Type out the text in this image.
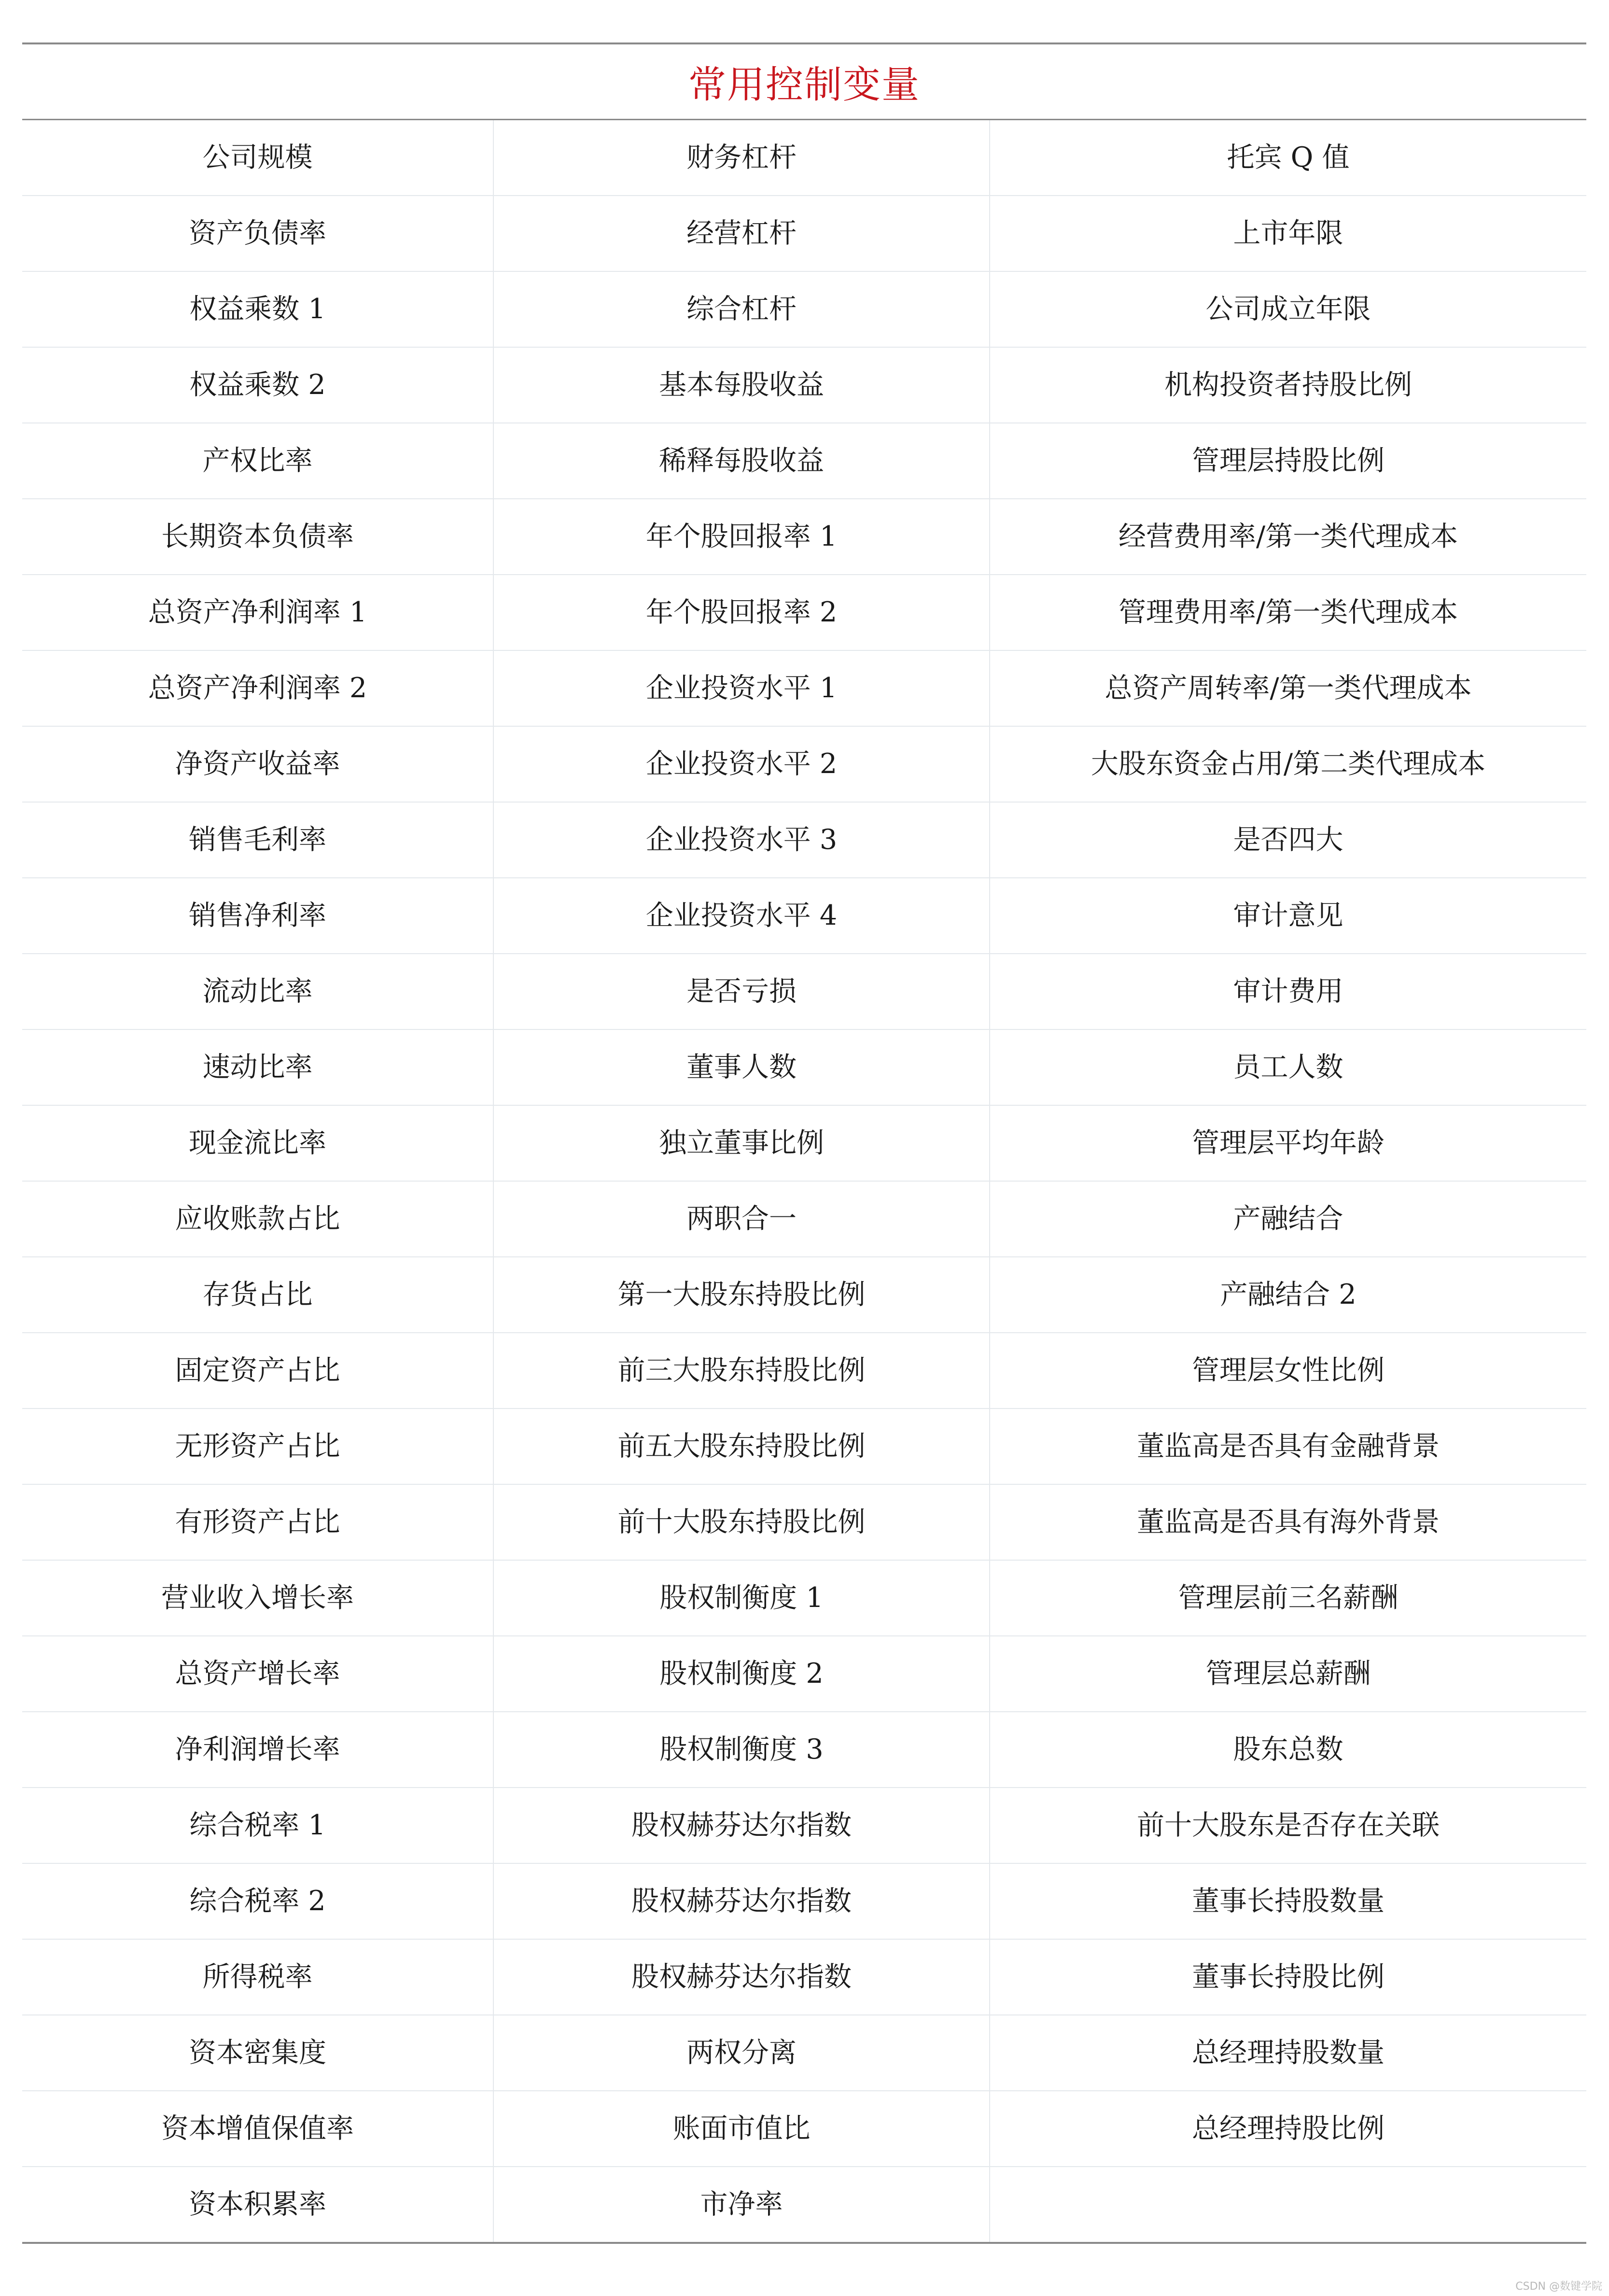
常用控制变量		
公司规模	财务杠杆	托宾 Q 值
资产负债率	经营杠杆	上市年限
权益乘数 1	综合杠杆	公司成立年限
权益乘数 2	基本每股收益	机构投资者持股比例
产权比率	稀释每股收益	管理层持股比例
长期资本负债率	年个股回报率 1	经营费用率/第一类代理成本
总资产净利润率 1	年个股回报率 2	管理费用率/第一类代理成本
总资产净利润率 2	企业投资水平 1	总资产周转率/第一类代理成本
净资产收益率	企业投资水平 2	大股东资金占用/第二类代理成本
销售毛利率	企业投资水平 3	是否四大
销售净利率	企业投资水平 4	审计意见
流动比率	是否亏损	审计费用
速动比率	董事人数	员工人数
现金流比率	独立董事比例	管理层平均年龄
应收账款占比	两职合一	产融结合
存货占比	第一大股东持股比例	产融结合 2
固定资产占比	前三大股东持股比例	管理层女性比例
无形资产占比	前五大股东持股比例	董监高是否具有金融背景
有形资产占比	前十大股东持股比例	董监高是否具有海外背景
营业收入增长率	股权制衡度 1	管理层前三名薪酬
总资产增长率	股权制衡度 2	管理层总薪酬
净利润增长率	股权制衡度 3	股东总数
综合税率 1	股权赫芬达尔指数	前十大股东是否存在关联
综合税率 2	股权赫芬达尔指数	董事长持股数量
所得税率	股权赫芬达尔指数	董事长持股比例
资本密集度	两权分离	总经理持股数量
资本增值保值率	账面市值比	总经理持股比例
资本积累率	市净率	
CSDN @数键学院
